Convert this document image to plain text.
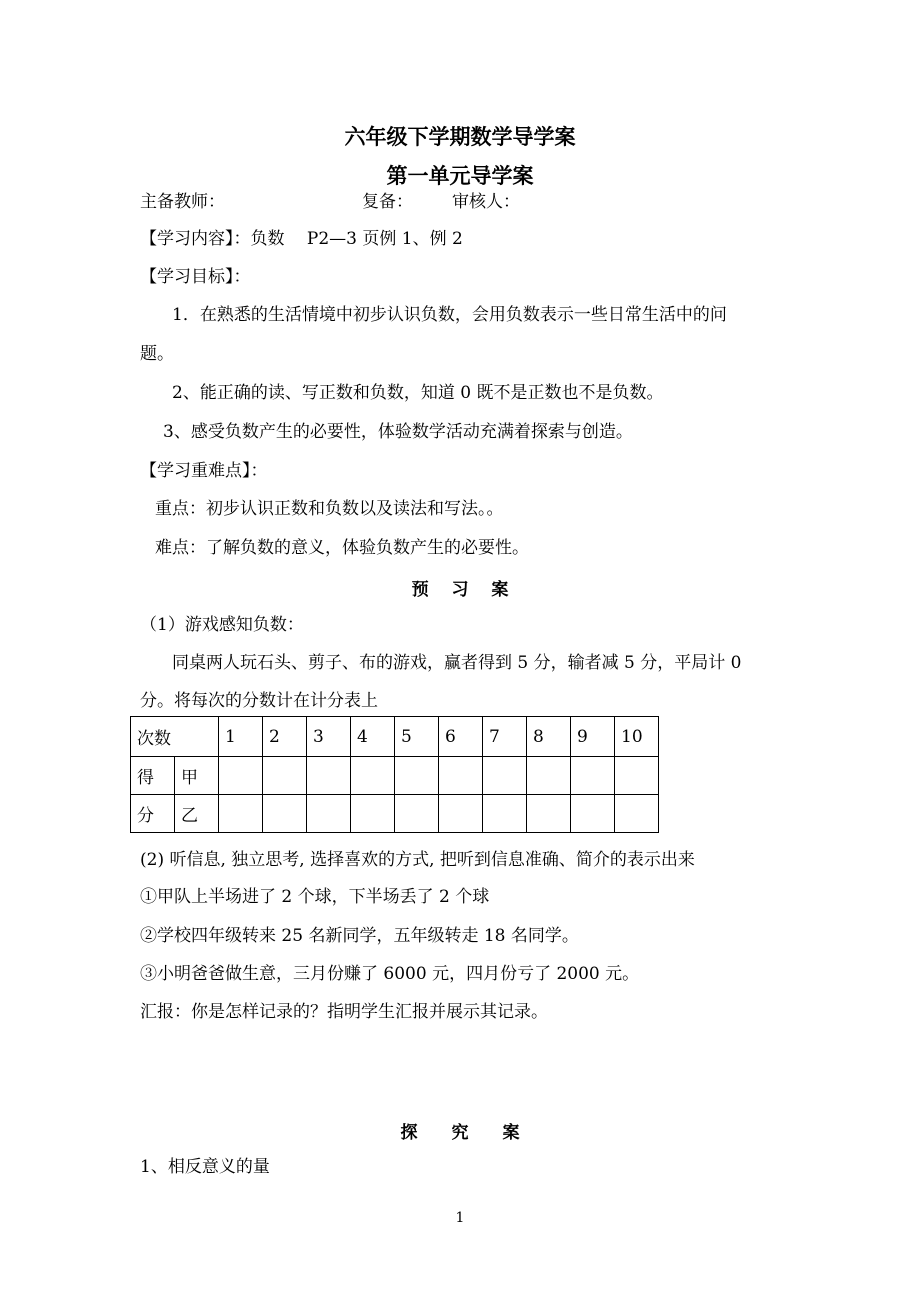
六年级下学期数学导学案
第一单元导学案
主备教师：	复备： 审核人：
【学习内容】：负数　 P2—3 页例 1、例 2
【学习目标】：
1．在熟悉的生活情境中初步认识负数，会用负数表示一些日常生活中的问
题。
2、能正确的读、写正数和负数，知道 0 既不是正数也不是负数。
3、感受负数产生的必要性，体验数学活动充满着探索与创造。
【学习重难点】：
重点：初步认识正数和负数以及读法和写法。。
难点：了解负数的意义，体验负数产生的必要性。
预　 习　 案
（1）游戏感知负数：
同桌两人玩石头、剪子、布的游戏，赢者得到 5 分，输者减 5 分，平局计 0
分。将每次的分数计在计分表上
次数		1	2	3	4	5	6	7	8	9	10
得	甲										
分	乙										
(2) 听信息, 独立思考, 选择喜欢的方式, 把听到信息准确、简介的表示出来
①甲队上半场进了 2 个球，下半场丢了 2 个球
②学校四年级转来 25 名新同学，五年级转走 18 名同学。
③小明爸爸做生意，三月份赚了 6000 元，四月份亏了 2000 元。
汇报：你是怎样记录的？指明学生汇报并展示其记录。
探　　究　　案
1、相反意义的量
1
